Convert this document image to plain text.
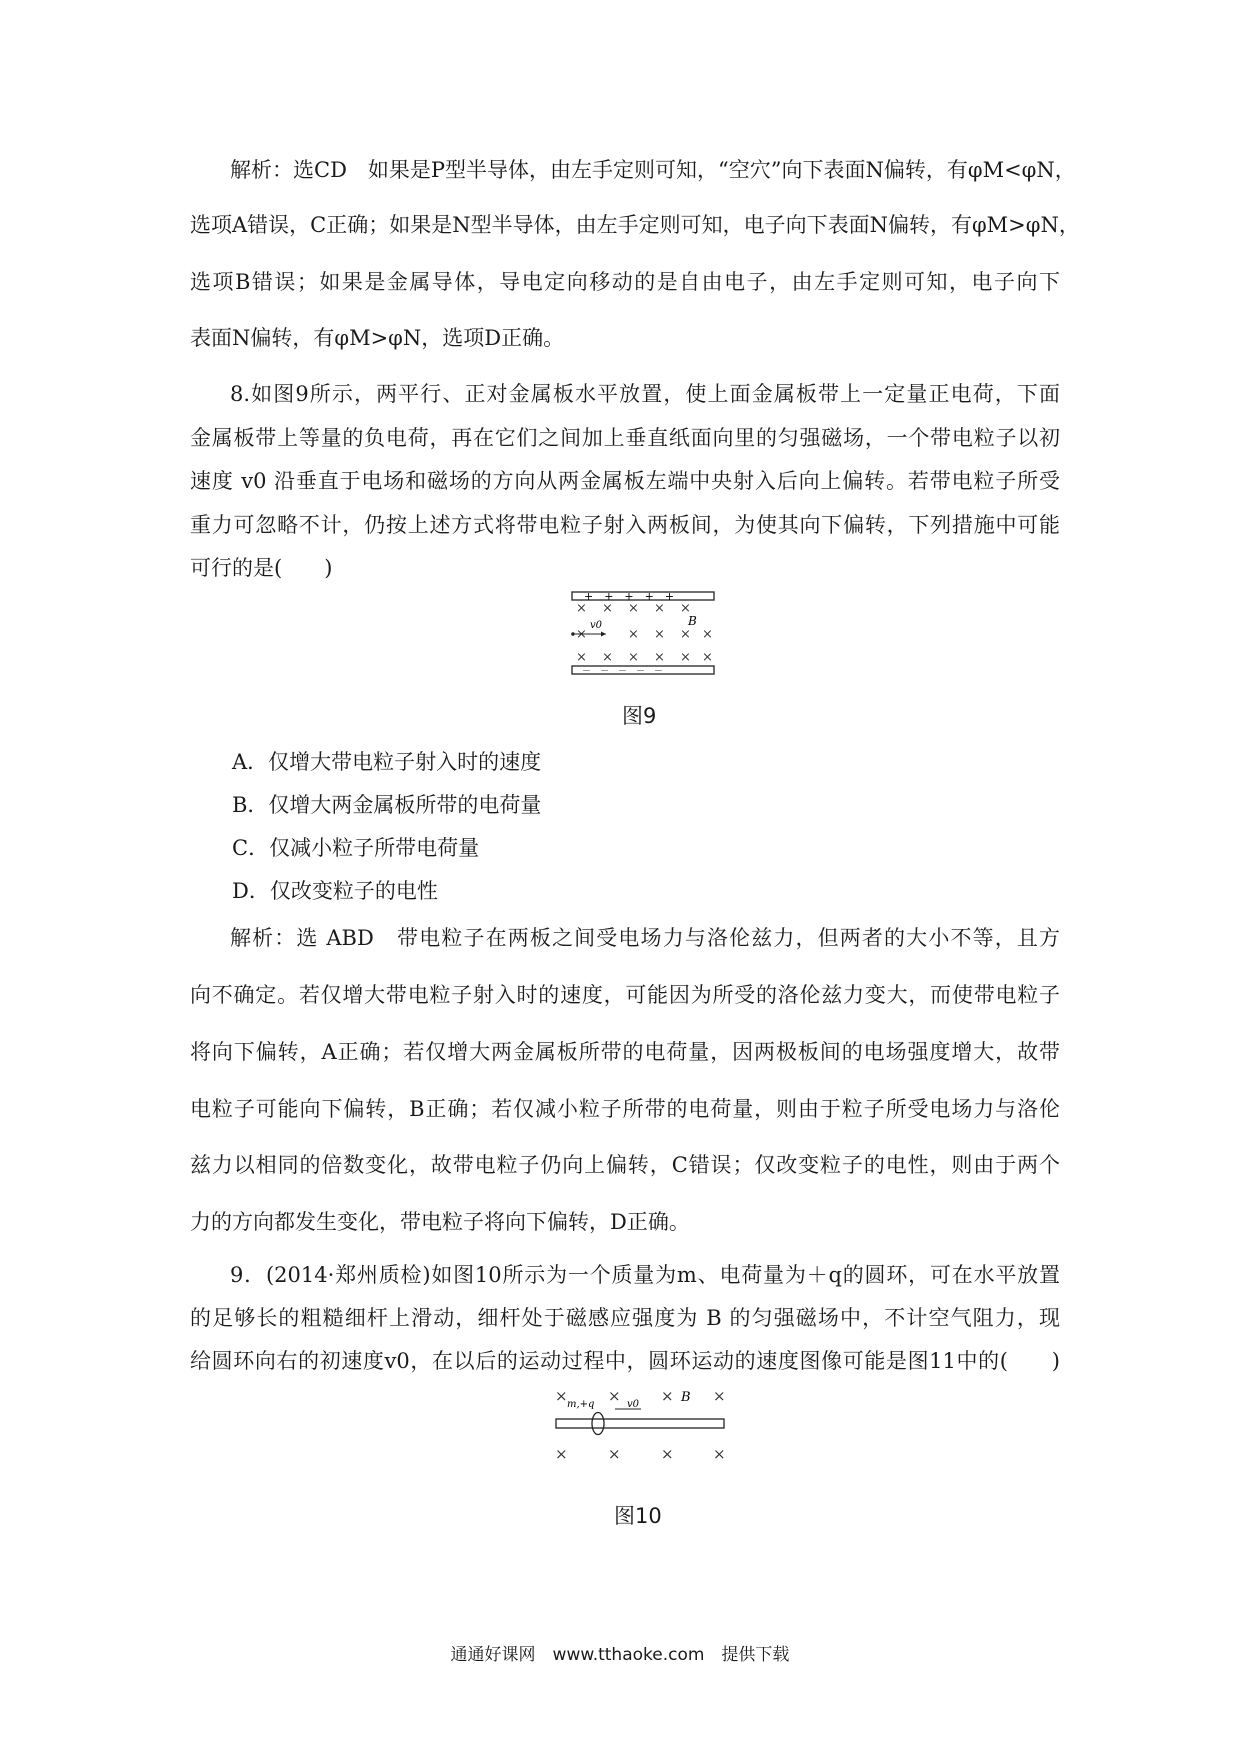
解析：选CD　如果是P型半导体，由左手定则可知，“空穴”向下表面N偏转，有φM<φN，
选项A错误，C正确；如果是N型半导体，由左手定则可知，电子向下表面N偏转，有φM>φN，
选项B错误；如果是金属导体，导电定向移动的是自由电子，由左手定则可知，电子向下
表面N偏转，有φM>φN，选项D正确。
8.如图9所示，两平行、正对金属板水平放置，使上面金属板带上一定量正电荷，下面
金属板带上等量的负电荷，再在它们之间加上垂直纸面向里的匀强磁场，一个带电粒子以初
速度 v0 沿垂直于电场和磁场的方向从两金属板左端中央射入后向上偏转。若带电粒子所受
重力可忽略不计，仍按上述方式将带电粒子射入两板间，为使其向下偏转，下列措施中可能
可行的是(　　)
+　+　+　+　+
× × × × ×
×	× × × ×
× × × × × ×
v0	B
－　－　－　－　－
图9
A．仅增大带电粒子射入时的速度
B．仅增大两金属板所带的电荷量
C．仅减小粒子所带电荷量
D．仅改变粒子的电性
解析：选 ABD　带电粒子在两板之间受电场力与洛伦兹力，但两者的大小不等，且方
向不确定。若仅增大带电粒子射入时的速度，可能因为所受的洛伦兹力变大，而使带电粒子
将向下偏转，A正确；若仅增大两金属板所带的电荷量，因两极板间的电场强度增大，故带
电粒子可能向下偏转，B正确；若仅减小粒子所带的电荷量，则由于粒子所受电场力与洛伦
兹力以相同的倍数变化，故带电粒子仍向上偏转，C错误；仅改变粒子的电性，则由于两个
力的方向都发生变化，带电粒子将向下偏转，D正确。
9．(2014·郑州质检)如图10所示为一个质量为m、电荷量为＋q的圆环，可在水平放置
的足够长的粗糙细杆上滑动，细杆处于磁感应强度为 B 的匀强磁场中，不计空气阻力，现
给圆环向右的初速度v0，在以后的运动过程中，圆环运动的速度图像可能是图11中的(　　)
×	×	×	×
×	×	×	×
m,+q	v0	B
图10
通通好课网　www.tthaoke.com　提供下载
